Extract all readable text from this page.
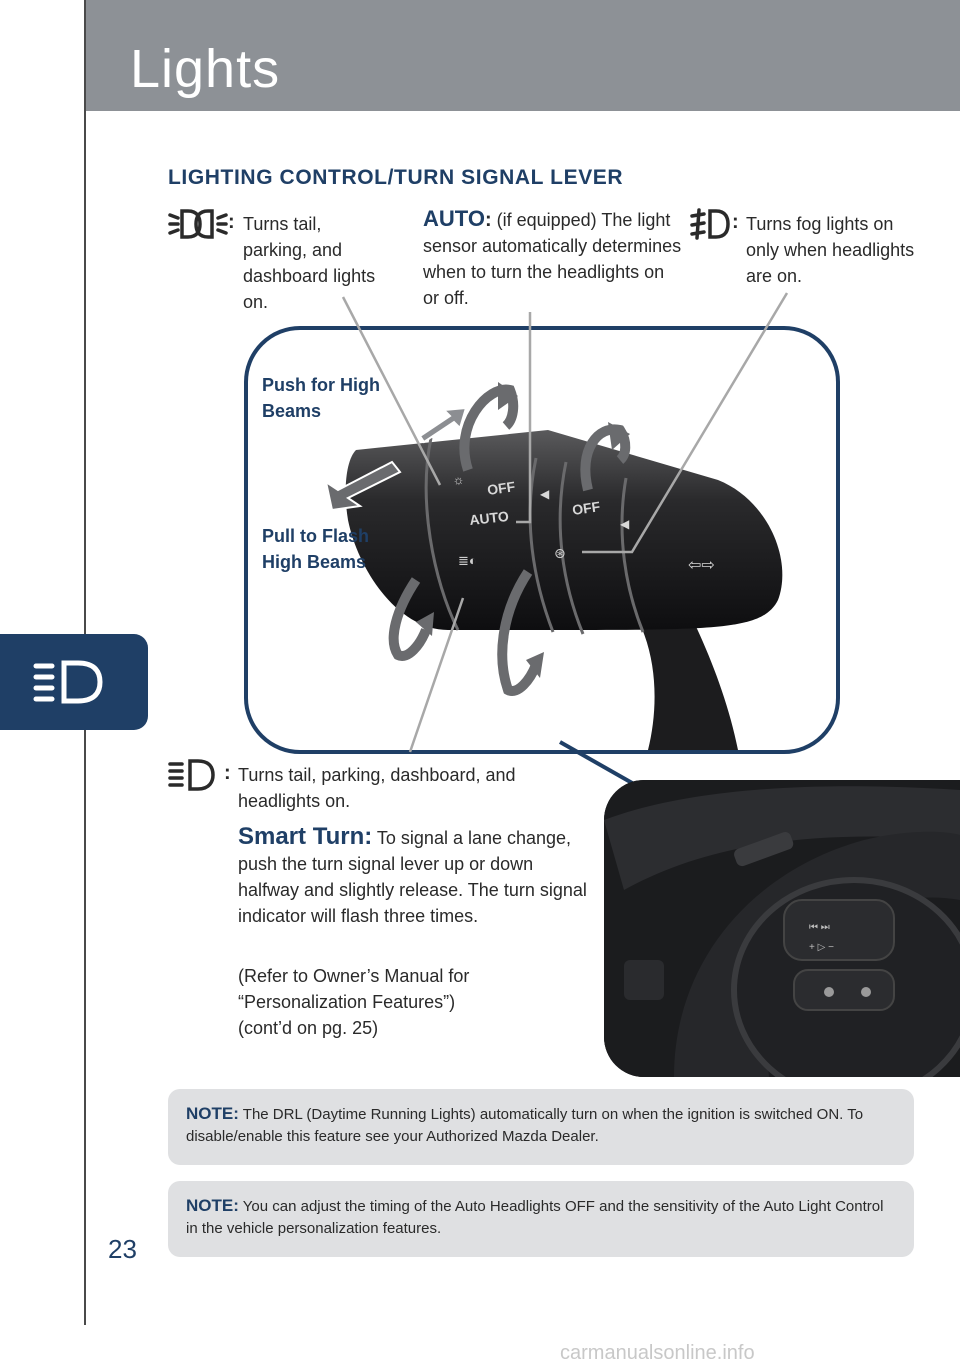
Lights
23
LIGHTING CONTROL/TURN SIGNAL LEVER
: Turns tail, parking, and dashboard lights on.
AUTO: (if equipped) The light sensor automatically determines when to turn the headlights on or off.
: Turns fog lights on only when headlights are on.
☼ OFF
AUTO	OFF
◀
◀
⇦⇨
⊛
≣◐
Push for High Beams
Pull to Flash High Beams
: Turns tail, parking, dashboard, and headlights on.
Smart Turn: To signal a lane change, push the turn signal lever up or down halfway and slightly release. The turn signal indicator will flash three times.
(Refer to Owner’s Manual for “Personalization Features”)
(cont’d on pg. 25)
⏮ ⏭
+ ▷ −
NOTE: The DRL (Daytime Running Lights) automatically turn on when the ignition is switched ON. To disable/enable this feature see your Authorized Mazda Dealer.
NOTE: You can adjust the timing of the Auto Headlights OFF and the sensitivity of the Auto Light Control in the vehicle personalization features.
carmanualsonline.info
